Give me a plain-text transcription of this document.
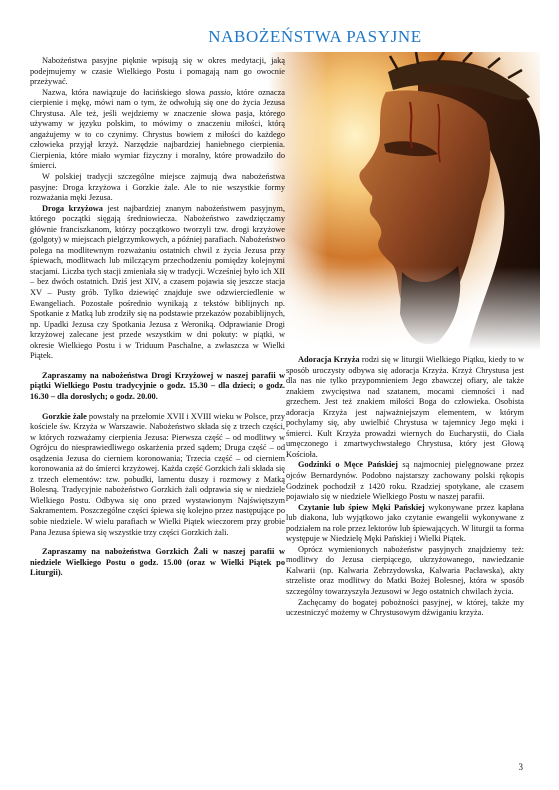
NABOŻEŃSTWA PASYJNE

Nabożeństwa pasyjne pięknie wpisują się w okres medytacji, jaką podejmujemy w czasie Wielkiego Postu i pomagają nam go owocnie przeżywać.

Nazwa, która nawiązuje do łacińskiego słowa passio, które oznacza cierpienie i mękę, mówi nam o tym, że odwołują się one do życia Jezusa Chrystusa. Ale też, jeśli wejdziemy w znaczenie słowa pasja, którego używamy w języku polskim, to mówimy o znaczeniu miłości, którą angażujemy w to co czynimy. Chrystus bowiem z miłości do każdego człowieka przyjął krzyż. Narzędzie najbardziej haniebnego cierpienia. Cierpienia, które miało wymiar fizyczny i moralny, które prowadziło do śmierci.

W polskiej tradycji szczególne miejsce zajmują dwa nabożeństwa pasyjne: Droga krzyżowa i Gorzkie żale. Ale to nie wszystkie formy rozważania męki Jezusa.

Droga krzyżowa jest najbardziej znanym nabożeństwem pasyjnym, którego początki sięgają średniowiecza. Nabożeństwo zawdzięczamy głównie franciszkanom, którzy początkowo tworzyli tzw. drogi krzyżowe (golgoty) w miejscach pielgrzymkowych, a później parafiach. Nabożeństwo polega na modlitewnym rozważaniu ostatnich chwil z życia Jezusa przy śpiewach, modlitwach lub milczącym przechodzeniu pomiędzy kolejnymi stacjami. Liczba tych stacji zmieniała się w tradycji. Wcześniej było ich XII – bez dwóch ostatnich. Dziś jest XIV, a czasem pojawia się jeszcze stacja XV – Pusty grób. Tylko dziewięć znajduje swe odzwierciedlenie w Ewangeliach. Pozostałe pośrednio wynikają z tekstów biblijnych np. Spotkanie z Matką lub zrodziły się na podstawie przekazów pozabiblijnych, np. Upadki Jezusa czy Spotkania Jezusa z Weroniką. Odprawianie Drogi krzyżowej zalecane jest przede wszystkim w dni pokuty: w piątki, w okresie Wielkiego Postu i w Triduum Paschalne, a zwłaszcza w Wielki Piątek.

Zapraszamy na nabożeństwa Drogi Krzyżowej w naszej parafii w piątki Wielkiego Postu tradycyjnie o godz. 15.30 – dla dzieci; o godz. 16.30 – dla dorosłych; o godz. 20.00.

Gorzkie żale powstały na przełomie XVII i XVIII wieku w Polsce, przy kościele św. Krzyża w Warszawie. Nabożeństwo składa się z trzech części, w których rozważamy cierpienia Jezusa: Pierwsza część – od modlitwy w Ogrójcu do niesprawiedliwego oskarżenia przed sądem; Druga część – od osądzenia Jezusa do cierniem koronowania; Trzecia część – od cierniem koronowania aż do śmierci krzyżowej. Każda część Gorzkich żali składa się z trzech elementów: tzw. pobudki, lamentu duszy i rozmowy z Matką Bolesną. Tradycyjnie nabożeństwo Gorzkich żali odprawia się w niedziele Wielkiego Postu. Odbywa się ono przed wystawionym Najświętszym Sakramentem. Poszczególne części śpiewa się kolejno przez następujące po sobie niedziele. W wielu parafiach w Wielki Piątek wieczorem przy grobie Pana Jezusa śpiewa się wszystkie trzy części Gorzkich żali.

Zapraszamy na nabożeństwa Gorzkich Żali w naszej parafii w niedziele Wielkiego Postu o godz. 15.00 (oraz w Wielki Piątek po Liturgii).

Adoracja Krzyża rodzi się w liturgii Wielkiego Piątku, kiedy to w sposób uroczysty odbywa się adoracja Krzyża. Krzyż Chrystusa jest dla nas nie tylko przypomnieniem Jego zbawczej ofiary, ale także znakiem zwycięstwa nad szatanem, mocami ciemności i nad grzechem. Jest też znakiem miłości Boga do człowieka. Osobista adoracja Krzyża jest najważniejszym elementem, w którym pochylamy się, aby uwielbić Chrystusa w tajemnicy Jego męki i śmierci. Kult Krzyża prowadzi wiernych do Eucharystii, do Ciała umęczonego i zmartwychwstałego Chrystusa, który jest Głową Kościoła.

Godzinki o Męce Pańskiej są najmocniej pielęgnowane przez ojców Bernardynów. Podobno najstarszy zachowany polski rękopis Godzinek pochodził z 1420 roku. Rzadziej spotykane, ale czasem pojawiało się w niedziele Wielkiego Postu w naszej parafii.

Czytanie lub śpiew Męki Pańskiej wykonywane przez kapłana lub diakona, lub wyjątkowo jako czytanie ewangelii wykonywane z podziałem na role przez lektorów lub śpiewających. W liturgii ta forma występuje w Niedzielę Męki Pańskiej i Wielki Piątek.

Oprócz wymienionych nabożeństw pasyjnych znajdziemy też: modlitwy do Jezusa cierpiącego, ukrzyżowanego, nawiedzanie Kalwarii (np. Kalwaria Zebrzydowska, Kalwaria Pacławska), akty strzeliste oraz modlitwy do Matki Bożej Bolesnej, która w sposób szczególny towarzyszyła Jezusowi w Jego ostatnich chwilach życia.

Zachęcamy do bogatej pobożności pasyjnej, w której, także my uczestniczyć możemy w Chrystusowym dźwiganiu krzyża.

3
